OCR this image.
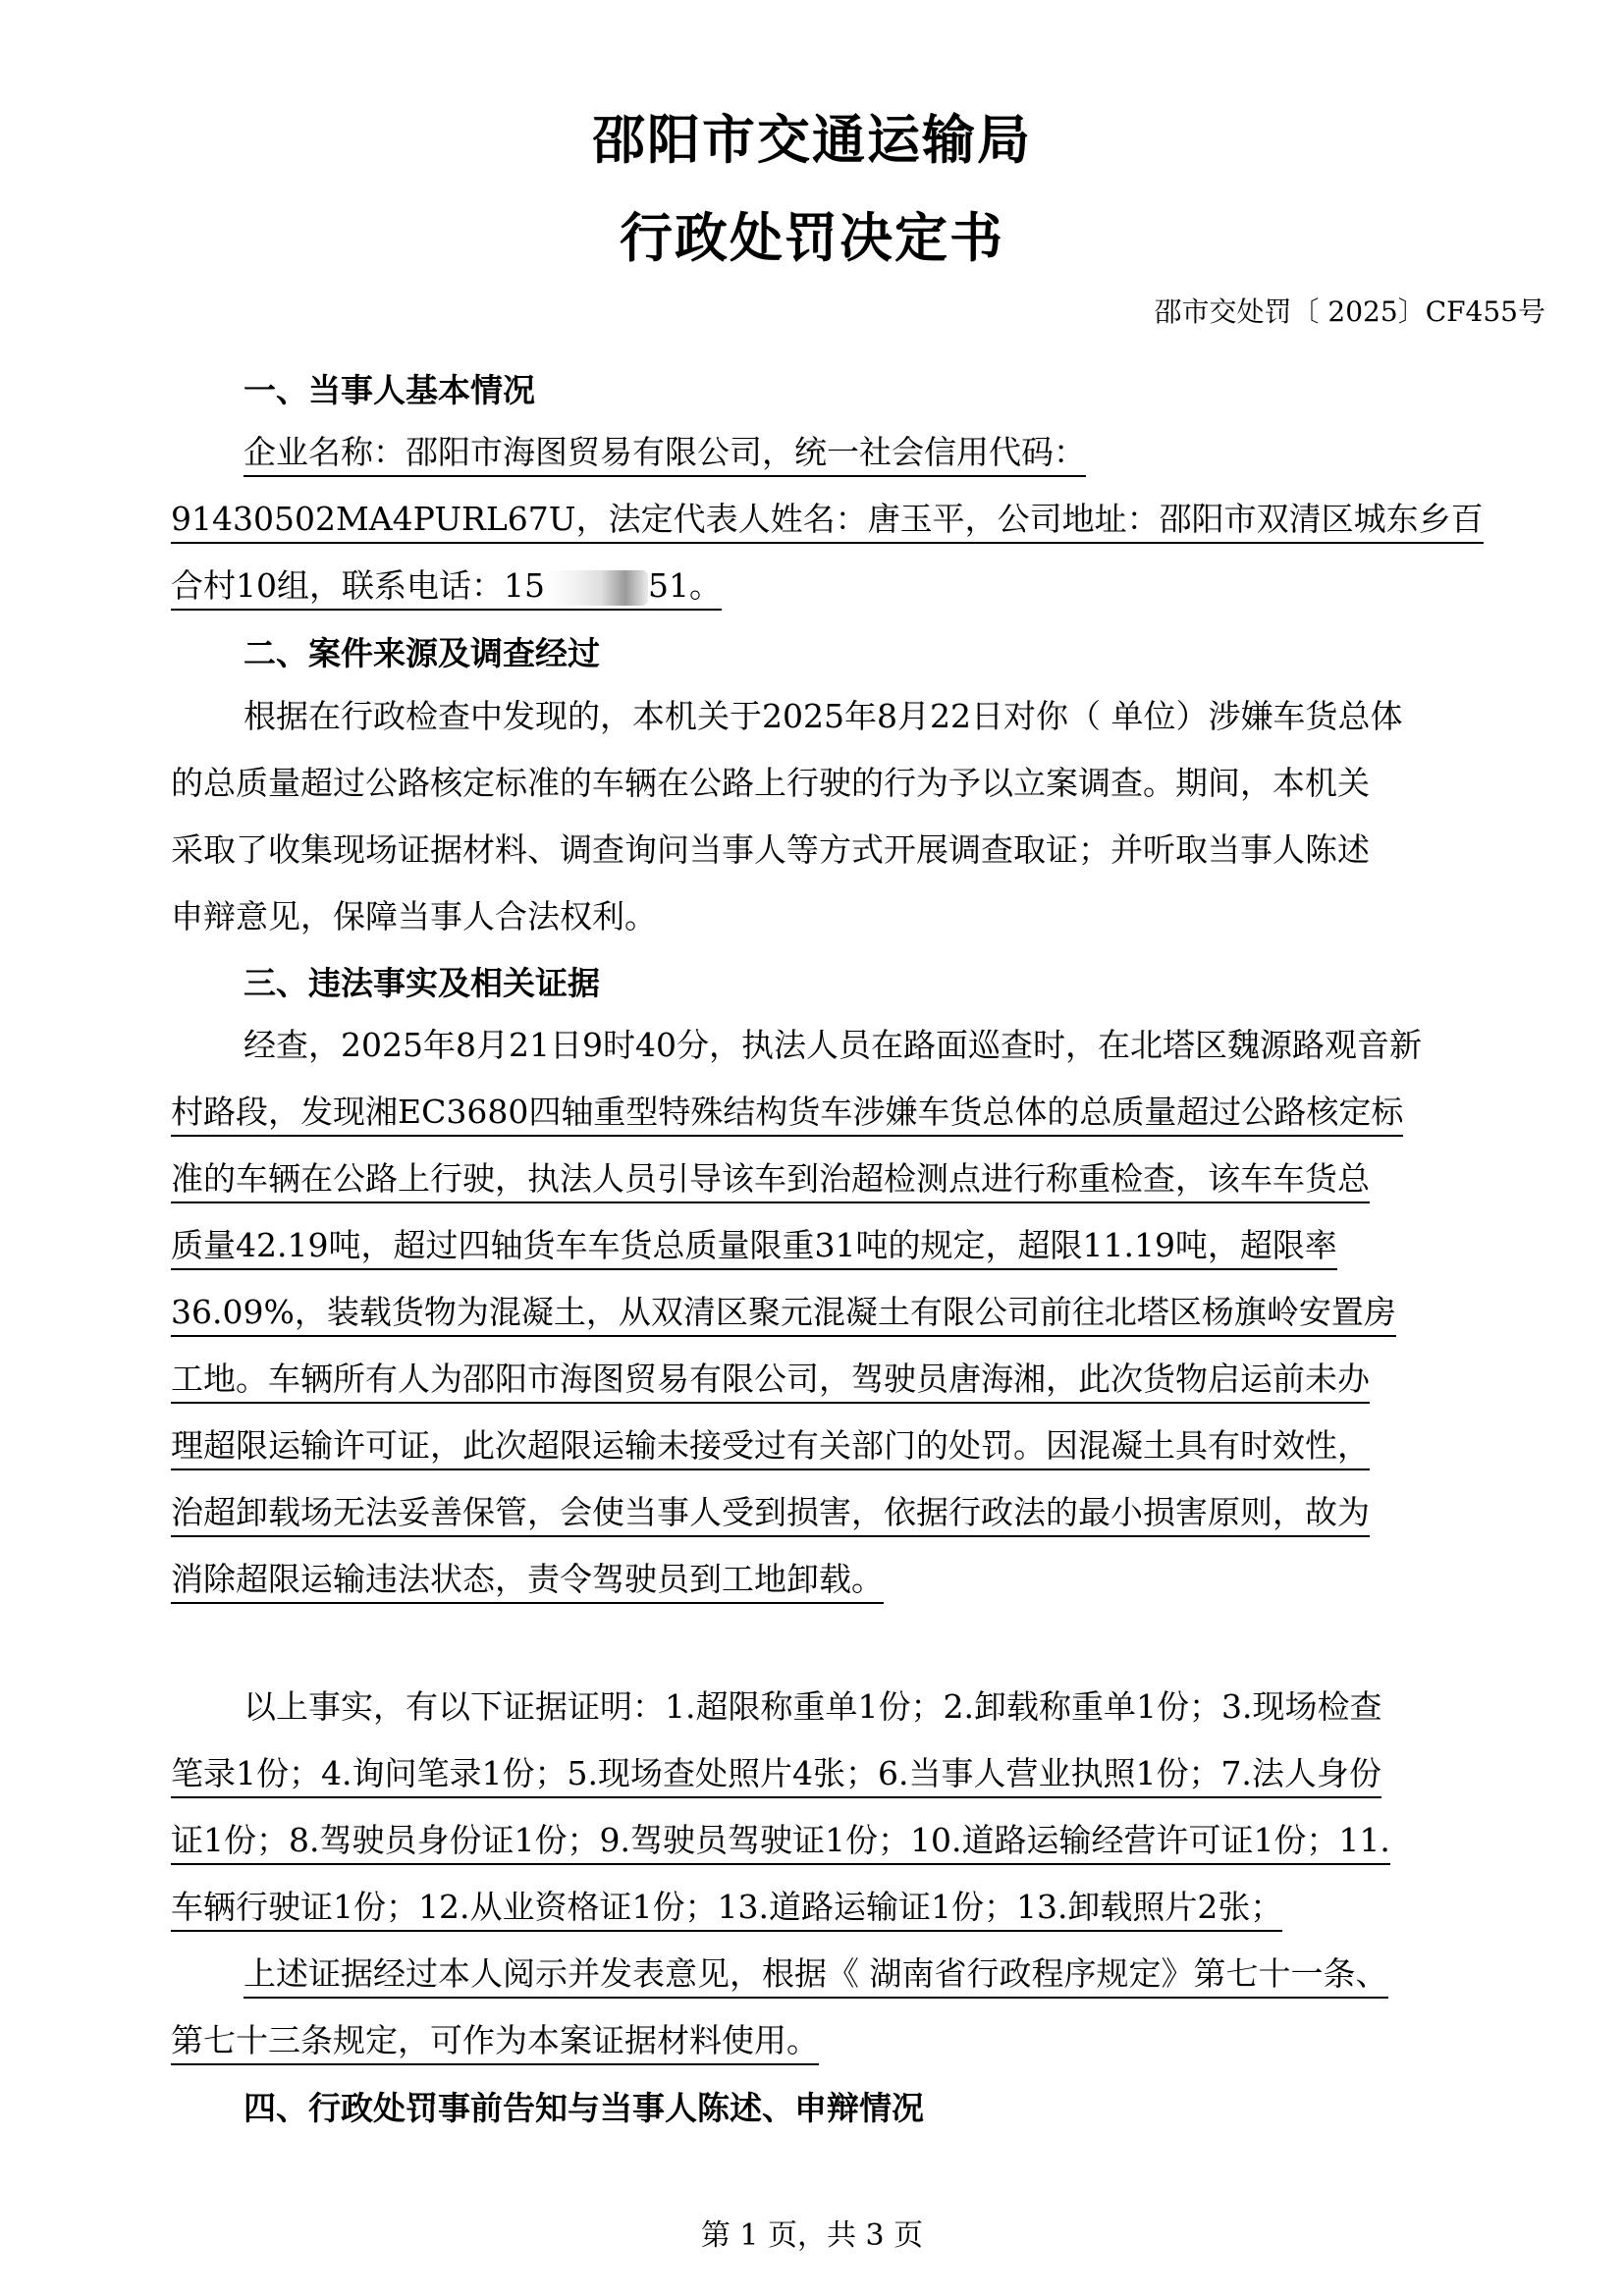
邵阳市交通运输局
行政处罚决定书
邵市交处罚〔 2025〕CF455号
一、当事人基本情况
企业名称：邵阳市海图贸易有限公司，统一社会信用代码：
91430502MA4PURL67U，法定代表人姓名：唐玉平，公司地址：邵阳市双清区城东乡百
合村10组，联系电话：15	51。
二、案件来源及调查经过
根据在行政检查中发现的，本机关于2025年8月22日对你（ 单位）涉嫌车货总体
的总质量超过公路核定标准的车辆在公路上行驶的行为予以立案调查。期间，本机关
采取了收集现场证据材料、调查询问当事人等方式开展调查取证；并听取当事人陈述
申辩意见，保障当事人合法权利。
三、违法事实及相关证据
经查，2025年8月21日9时40分，执法人员在路面巡查时，在北塔区魏源路观音新
村路段，发现湘EC3680四轴重型特殊结构货车涉嫌车货总体的总质量超过公路核定标
准的车辆在公路上行驶，执法人员引导该车到治超检测点进行称重检查，该车车货总
质量42.19吨，超过四轴货车车货总质量限重31吨的规定，超限11.19吨，超限率
36.09%，装载货物为混凝土，从双清区聚元混凝土有限公司前往北塔区杨旗岭安置房
工地。车辆所有人为邵阳市海图贸易有限公司，驾驶员唐海湘，此次货物启运前未办
理超限运输许可证，此次超限运输未接受过有关部门的处罚。因混凝土具有时效性，
治超卸载场无法妥善保管，会使当事人受到损害，依据行政法的最小损害原则，故为
消除超限运输违法状态，责令驾驶员到工地卸载。
以上事实，有以下证据证明：1.超限称重单1份；2.卸载称重单1份；3.现场检查
笔录1份；4.询问笔录1份；5.现场查处照片4张；6.当事人营业执照1份；7.法人身份
证1份；8.驾驶员身份证1份；9.驾驶员驾驶证1份；10.道路运输经营许可证1份；11.
车辆行驶证1份；12.从业资格证1份；13.道路运输证1份；13.卸载照片2张；
上述证据经过本人阅示并发表意见，根据《 湖南省行政程序规定》第七十一条、
第七十三条规定，可作为本案证据材料使用。
四、行政处罚事前告知与当事人陈述、申辩情况
第 1 页，共 3 页
